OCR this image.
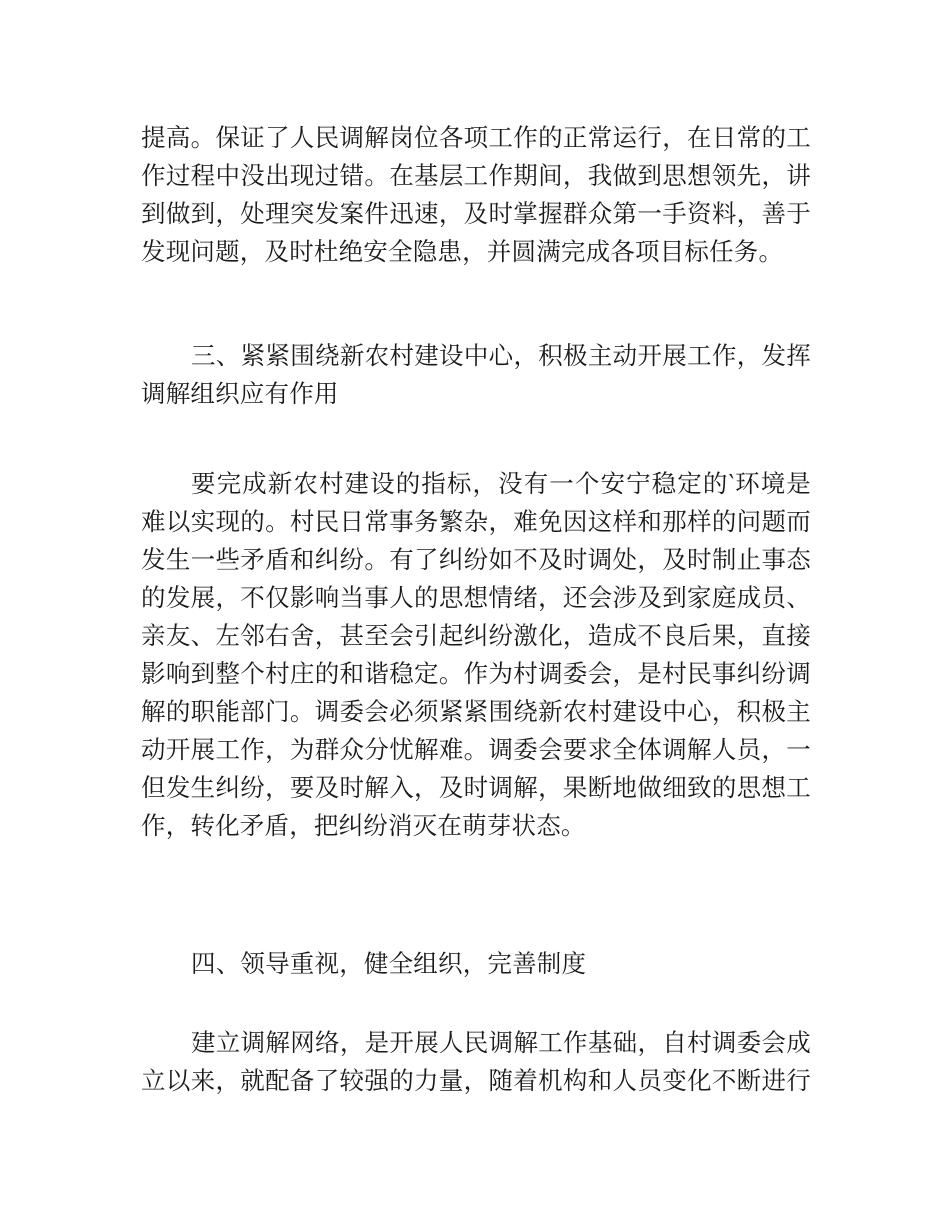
提高。保证了人民调解岗位各项工作的正常运行，在日常的工
作过程中没出现过错。在基层工作期间，我做到思想领先，讲
到做到，处理突发案件迅速，及时掌握群众第一手资料，善于
发现问题，及时杜绝安全隐患，并圆满完成各项目标任务。
三、紧紧围绕新农村建设中心，积极主动开展工作，发挥
调解组织应有作用
要完成新农村建设的指标，没有一个安宁稳定的‵环境是
难以实现的。村民日常事务繁杂，难免因这样和那样的问题而
发生一些矛盾和纠纷。有了纠纷如不及时调处，及时制止事态
的发展，不仅影响当事人的思想情绪，还会涉及到家庭成员、
亲友、左邻右舍，甚至会引起纠纷激化，造成不良后果，直接
影响到整个村庄的和谐稳定。作为村调委会，是村民事纠纷调
解的职能部门。调委会必须紧紧围绕新农村建设中心，积极主
动开展工作，为群众分忧解难。调委会要求全体调解人员，一
但发生纠纷，要及时解入，及时调解，果断地做细致的思想工
作，转化矛盾，把纠纷消灭在萌芽状态。
四、领导重视，健全组织，完善制度
建立调解网络，是开展人民调解工作基础，自村调委会成
立以来，就配备了较强的力量，随着机构和人员变化不断进行
